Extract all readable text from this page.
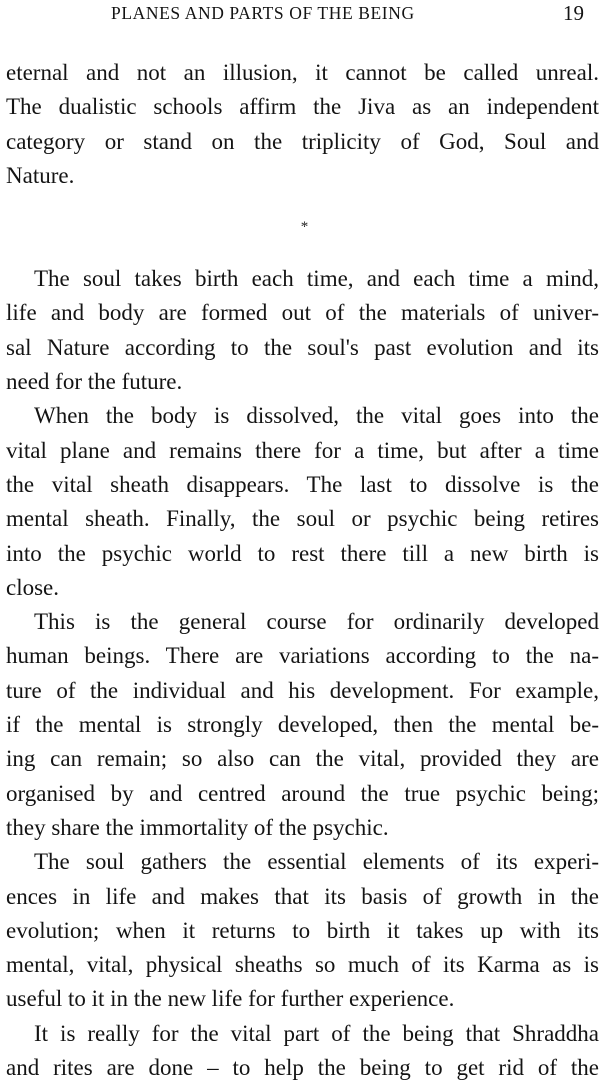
PLANES AND PARTS OF THE BEING	19
eternal and not an illusion, it cannot be called unreal.
The dualistic schools affirm the Jiva as an independent
category or stand on the triplicity of God, Soul and
Nature.
*
The soul takes birth each time, and each time a mind,
life and body are formed out of the materials of univer-
sal Nature according to the soul's past evolution and its
need for the future.
When the body is dissolved, the vital goes into the
vital plane and remains there for a time, but after a time
the vital sheath disappears. The last to dissolve is the
mental sheath. Finally, the soul or psychic being retires
into the psychic world to rest there till a new birth is
close.
This is the general course for ordinarily developed
human beings. There are variations according to the na-
ture of the individual and his development. For example,
if the mental is strongly developed, then the mental be-
ing can remain; so also can the vital, provided they are
organised by and centred around the true psychic being;
they share the immortality of the psychic.
The soul gathers the essential elements of its experi-
ences in life and makes that its basis of growth in the
evolution; when it returns to birth it takes up with its
mental, vital, physical sheaths so much of its Karma as is
useful to it in the new life for further experience.
It is really for the vital part of the being that Shraddha
and rites are done – to help the being to get rid of the
